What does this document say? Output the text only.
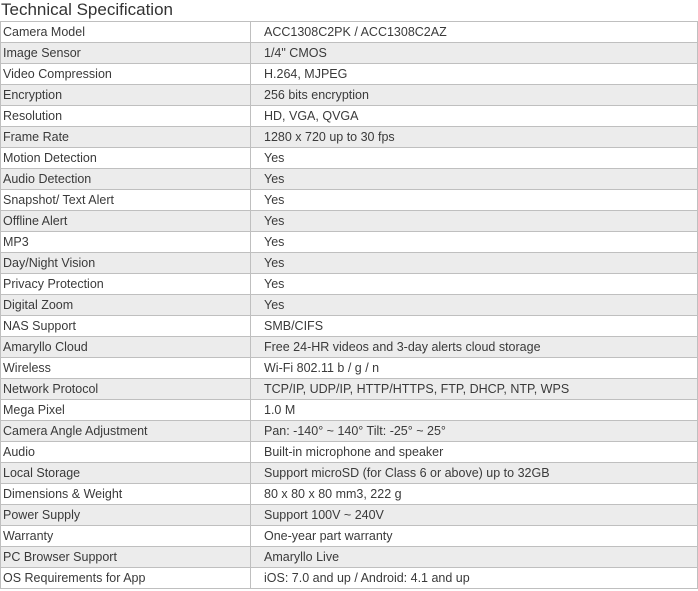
Technical Specification
Camera Model	ACC1308C2PK / ACC1308C2AZ
Image Sensor	1/4" CMOS
Video Compression	H.264, MJPEG
Encryption	256 bits encryption
Resolution	HD, VGA, QVGA
Frame Rate	1280 x 720 up to 30 fps
Motion Detection	Yes
Audio Detection	Yes
Snapshot/ Text Alert	Yes
Offline Alert	Yes
MP3	Yes
Day/Night Vision	Yes
Privacy Protection	Yes
Digital Zoom	Yes
NAS Support	SMB/CIFS
Amaryllo Cloud	Free 24-HR videos and 3-day alerts cloud storage
Wireless	Wi-Fi 802.11 b / g / n
Network Protocol	TCP/IP, UDP/IP, HTTP/HTTPS, FTP, DHCP, NTP, WPS
Mega Pixel	1.0 M
Camera Angle Adjustment	Pan: -140° ~ 140° Tilt: -25° ~ 25°
Audio	Built-in microphone and speaker
Local Storage	Support microSD (for Class 6 or above) up to 32GB
Dimensions & Weight	80 x 80 x 80 mm3, 222 g
Power Supply	Support 100V ~ 240V
Warranty	One-year part warranty
PC Browser Support	Amaryllo Live
OS Requirements for App	iOS: 7.0 and up / Android: 4.1 and up
